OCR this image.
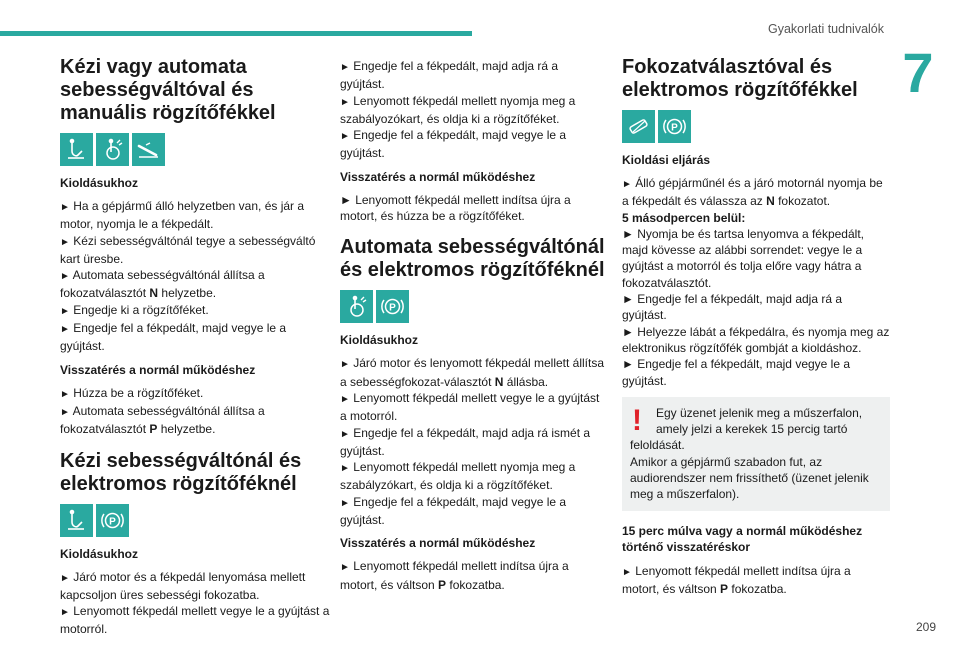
Gyakorlati tudnivalók
7
Kézi vagy automata sebességváltóval és manuális rögzítőfékkel
Kioldásukhoz

► Ha a gépjármű álló helyzetben van, és jár a motor, nyomja le a fékpedált.
► Kézi sebességváltónál tegye a sebességváltó kart üresbe.
► Automata sebességváltónál állítsa a fokozatválasztót N helyzetbe.
► Engedje ki a rögzítőféket.
► Engedje fel a fékpedált, majd vegye le a gyújtást.

Visszatérés a normál működéshez

► Húzza be a rögzítőféket.
► Automata sebességváltónál állítsa a fokozatválasztót P helyzetbe.

Kézi sebességváltónál és elektromos rögzítőféknél
P
Kioldásukhoz

► Járó motor és a fékpedál lenyomása mellett kapcsoljon üres sebességi fokozatba.
► Lenyomott fékpedál mellett vegye le a gyújtást a motorról.

► Engedje fel a fékpedált, majd adja rá a gyújtást.
► Lenyomott fékpedál mellett nyomja meg a szabályozókart, és oldja ki a rögzítőféket.
► Engedje fel a fékpedált, majd vegye le a gyújtást.

Visszatérés a normál működéshez

► Lenyomott fékpedál mellett indítsa újra a motort, és húzza be a rögzítőféket.

Automata sebességváltónál és elektromos rögzítőféknél
P
Kioldásukhoz

► Járó motor és lenyomott fékpedál mellett állítsa a sebességfokozat-választót N állásba.
► Lenyomott fékpedál mellett vegye le a gyújtást a motorról.
► Engedje fel a fékpedált, majd adja rá ismét a gyújtást.
► Lenyomott fékpedál mellett nyomja meg a szabályzókart, és oldja ki a rögzítőféket.
► Engedje fel a fékpedált, majd vegye le a gyújtást.

Visszatérés a normál működéshez

► Lenyomott fékpedál mellett indítsa újra a motort, és váltson P fokozatba.

Fokozatválasztóval és elektromos rögzítőfékkel
P
Kioldási eljárás

► Álló gépjárműnél és a járó motornál nyomja be a fékpedált és válassza az N fokozatot.

5 másodpercen belül:

► Nyomja be és tartsa lenyomva a fékpedált, majd kövesse az alábbi sorrendet: vegye le a gyújtást a motorról és tolja előre vagy hátra a fokozatválasztót.
► Engedje fel a fékpedált, majd adja rá a gyújtást.
► Helyezze lábát a fékpedálra, és nyomja meg az elektronikus rögzítőfék gombját a kioldáshoz.
► Engedje fel a fékpedált, majd vegye le a gyújtást.

!	Egy üzenet jelenik meg a műszerfalon, amely jelzi a kerekek 15 percig tartó

feloldását.
Amikor a gépjármű szabadon fut, az audiorendszer nem frissíthető (üzenet jelenik meg a műszerfalon).

15 perc múlva vagy a normál működéshez történő visszatéréskor

► Lenyomott fékpedál mellett indítsa újra a motort, és váltson P fokozatba.

209
